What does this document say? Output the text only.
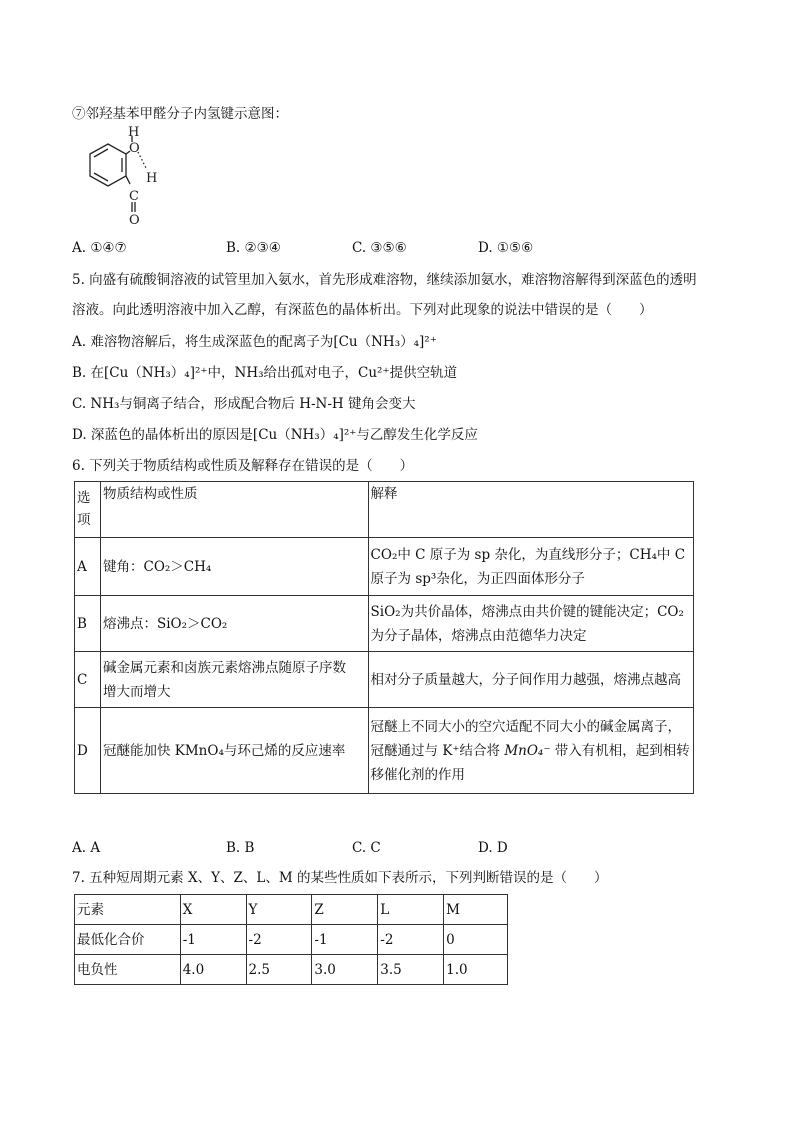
⑦邻羟基苯甲醛分子内氢键示意图：
H
O
H
C
O
A. ①④⑦	B. ②③④	C. ③⑤⑥	D. ①⑤⑥
5. 向盛有硫酸铜溶液的试管里加入氨水，首先形成难溶物，继续添加氨水，难溶物溶解得到深蓝色的透明
溶液。向此透明溶液中加入乙醇，有深蓝色的晶体析出。下列对此现象的说法中错误的是（　　）
A. 难溶物溶解后，将生成深蓝色的配离子为[Cu（NH₃）₄]²⁺
B. 在[Cu（NH₃）₄]²⁺中，NH₃给出孤对电子，Cu²⁺提供空轨道
C. NH₃与铜离子结合，形成配合物后 H-N-H 键角会变大
D. 深蓝色的晶体析出的原因是[Cu（NH₃）₄]²⁺与乙醇发生化学反应
6. 下列关于物质结构或性质及解释存在错误的是（　　）
选项	物质结构或性质	解释
A	键角：CO₂＞CH₄	CO₂中 C 原子为 sp 杂化，为直线形分子；CH₄中 C
原子为 sp³杂化，为正四面体形分子

B	熔沸点：SiO₂＞CO₂	SiO₂为共价晶体，熔沸点由共价键的键能决定；CO₂
为分子晶体，熔沸点由范德华力决定

C	碱金属元素和卤族元素熔沸点随原子序数
增大而增大	相对分子质量越大，分子间作用力越强，熔沸点越高
D	冠醚能加快 KMnO₄与环己烯的反应速率	冠醚上不同大小的空穴适配不同大小的碱金属离子，
冠醚通过与 K⁺结合将 MnO₄⁻ 带入有机相，起到相转
移催化剂的作用
A. A	B. B	C. C	D. D
7. 五种短周期元素 X、Y、Z、L、M 的某些性质如下表所示，下列判断错误的是（　　）
元素	X	Y	Z	L	M
最低化合价	-1	-2	-1	-2	0
电负性	4.0	2.5	3.0	3.5	1.0
